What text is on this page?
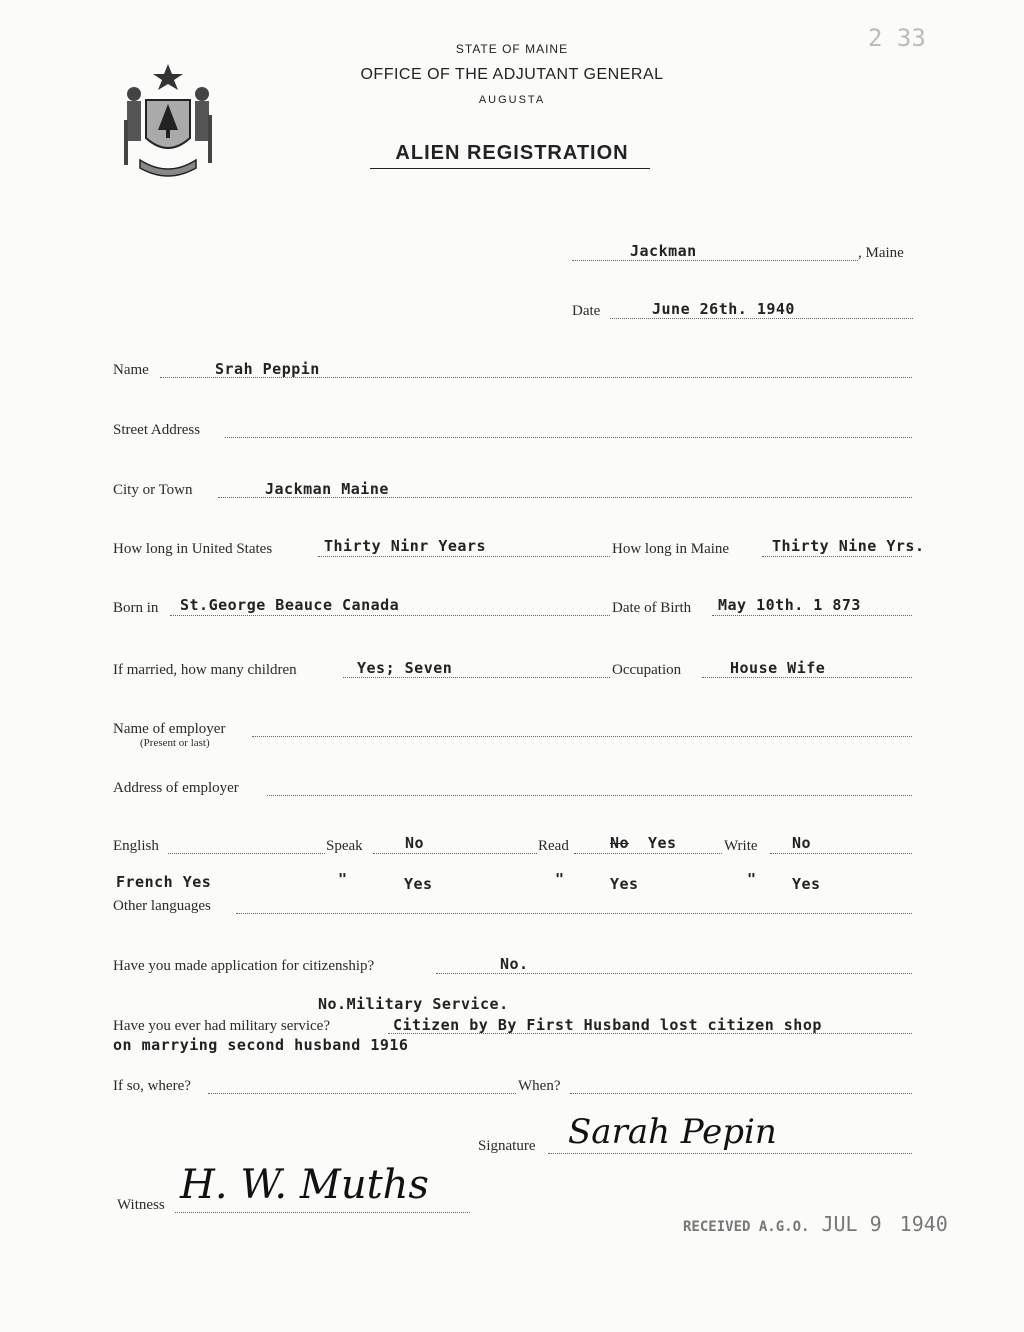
STATE OF MAINE
OFFICE OF THE ADJUTANT GENERAL
AUGUSTA
ALIEN REGISTRATION
2 33
Jackman	, Maine
Date	June 26th. 1940
Name	Srah Peppin
Street Address
City or Town	Jackman Maine
How long in United States	Thirty Ninr Years	How long in Maine	Thirty Nine Yrs.
Born in St.George Beauce Canada	Date of Birth May 10th. 1 873
If married, how many children	Yes; Seven	Occupation	House Wife
Name of employer
(Present or last)
Address of employer
English	Speak	No	Read	No Yes	Write No
French Yes	"	Yes	"	Yes	" Yes
Other languages
Have you made application for citizenship?	No.
No.Military Service.
Have you ever had military service?	Citizen by By First Husband lost citizen shop
on marrying second husband 1916
If so, where?	When?
Signature Sarah Pepin
Witness H. W. Muths
RECEIVED A.G.O. JUL 9 1940
